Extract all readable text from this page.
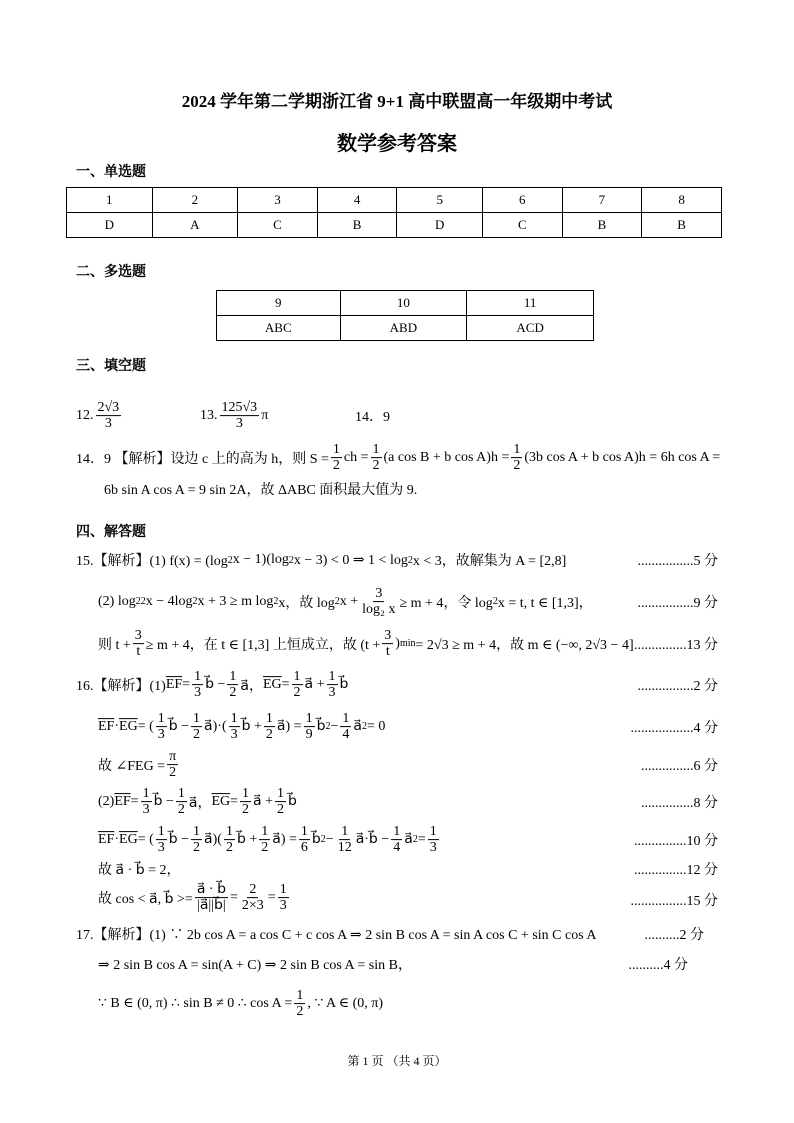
2024 学年第二学期浙江省 9+1 高中联盟高一年级期中考试
数学参考答案
一、单选题
1	2	3	4	5	6	7	8
D	A	C	B	D	C	B	B
二、多选题
9	10	11
ABC	ABD	ACD
三、填空题
12. $\frac{2√3}{3}$	13. $\frac{125√3}{3}$ π	14．9
14．9 【解析】设边 c 上的高为 h，则 $S = \frac{1}{2}$ ch = $\frac{1}{2} (a$ cos B + b $\cos A)h = \frac{1}{2} (3b$ cos A + b cos A)h = 6h cos A =
6b sin A cos A = 9 sin 2A，故 ΔABC 面积最大值为 9.
四、解答题
15.【解析】(1) f(x) = (log 2 x − 1)(log 2 x − 3) < 0 ⇒ 1 < log 2 x < 3，故解集为 A = [2,8]
(2) log 2 2 x − 4log 2 x + 3 ≥ m log 2 x，故 log 2 $x + \frac{3}{\text{log₂ x}} \ge m + 4$，令 log 2 x = t, t ∈ [1,3]，
则 $t + \frac{3}{t} \ge m + 4$，在 t ∈ [1,3] 上恒成立，故 ($t + \frac{3}{t}$ ) min = 2√3 ≥ m + 4，故 m ∈ (−∞, 2√3 − 4]
16.【解析】(1) $\overline{EF} = \frac{1}{3}$ b⃗ − $\frac{1}{2}$ a⃗， $\overline{EG} = \frac{1}{2}$ a⃗ + $\frac{1}{3}$ b⃗
$\overline{EF} \cdot \overline{EG}$ = ( $\frac{1}{3}$ b⃗ − $\frac{1}{2}$ a⃗)·( $\frac{1}{3}$ b⃗ + $\frac{1}{2}$ a⃗) = $\frac{1}{9}$ b⃗ $2 - \frac{1}{4}$ a⃗ 2 = 0
故 ∠FEG = $\frac{\pi}{2}$
(2) $\overline{EF} = \frac{1}{3}$ b⃗ − $\frac{1}{2}$ a⃗， $\overline{EG} = \frac{1}{2}$ a⃗ + $\frac{1}{2}$ b⃗
$\overline{EF} \cdot \overline{EG}$ = ( $\frac{1}{3}$ b⃗ − $\frac{1}{2}$ a⃗)( $\frac{1}{2}$ b⃗ + $\frac{1}{2}$ a⃗) = $\frac{1}{6}$ b⃗ $2 - \frac{1}{12}$ a⃗·b⃗ − $\frac{1}{4}$ a⃗ $2 = \frac{1}{3}$
故 a⃗ · b⃗ = 2，
故 cos < a⃗, b⃗ >= $\frac{a⃗ \cdot b⃗}{|a⃗||b⃗|} = \frac{2}{2\times 3} = \frac{1}{3}$
17.【解析】(1) ∵ 2b cos A = a cos C + c cos A ⇒ 2 sin B cos A = sin A cos C + sin C cos A
⇒ 2 sin B cos A = sin(A + C) ⇒ 2 sin B cos A = sin B，
∵ B ∈ (0, π) ∴ sin B ≠ 0 ∴ $\cos A = \frac{1}{2}$ , ∵ A ∈ (0, π)
................5 分
................9 分
...............13 分
................2 分
..................4 分
...............6 分
...............8 分
...............10 分
...............12 分
................15 分
..........2 分
..........4 分
第 1 页 （共 4 页）
